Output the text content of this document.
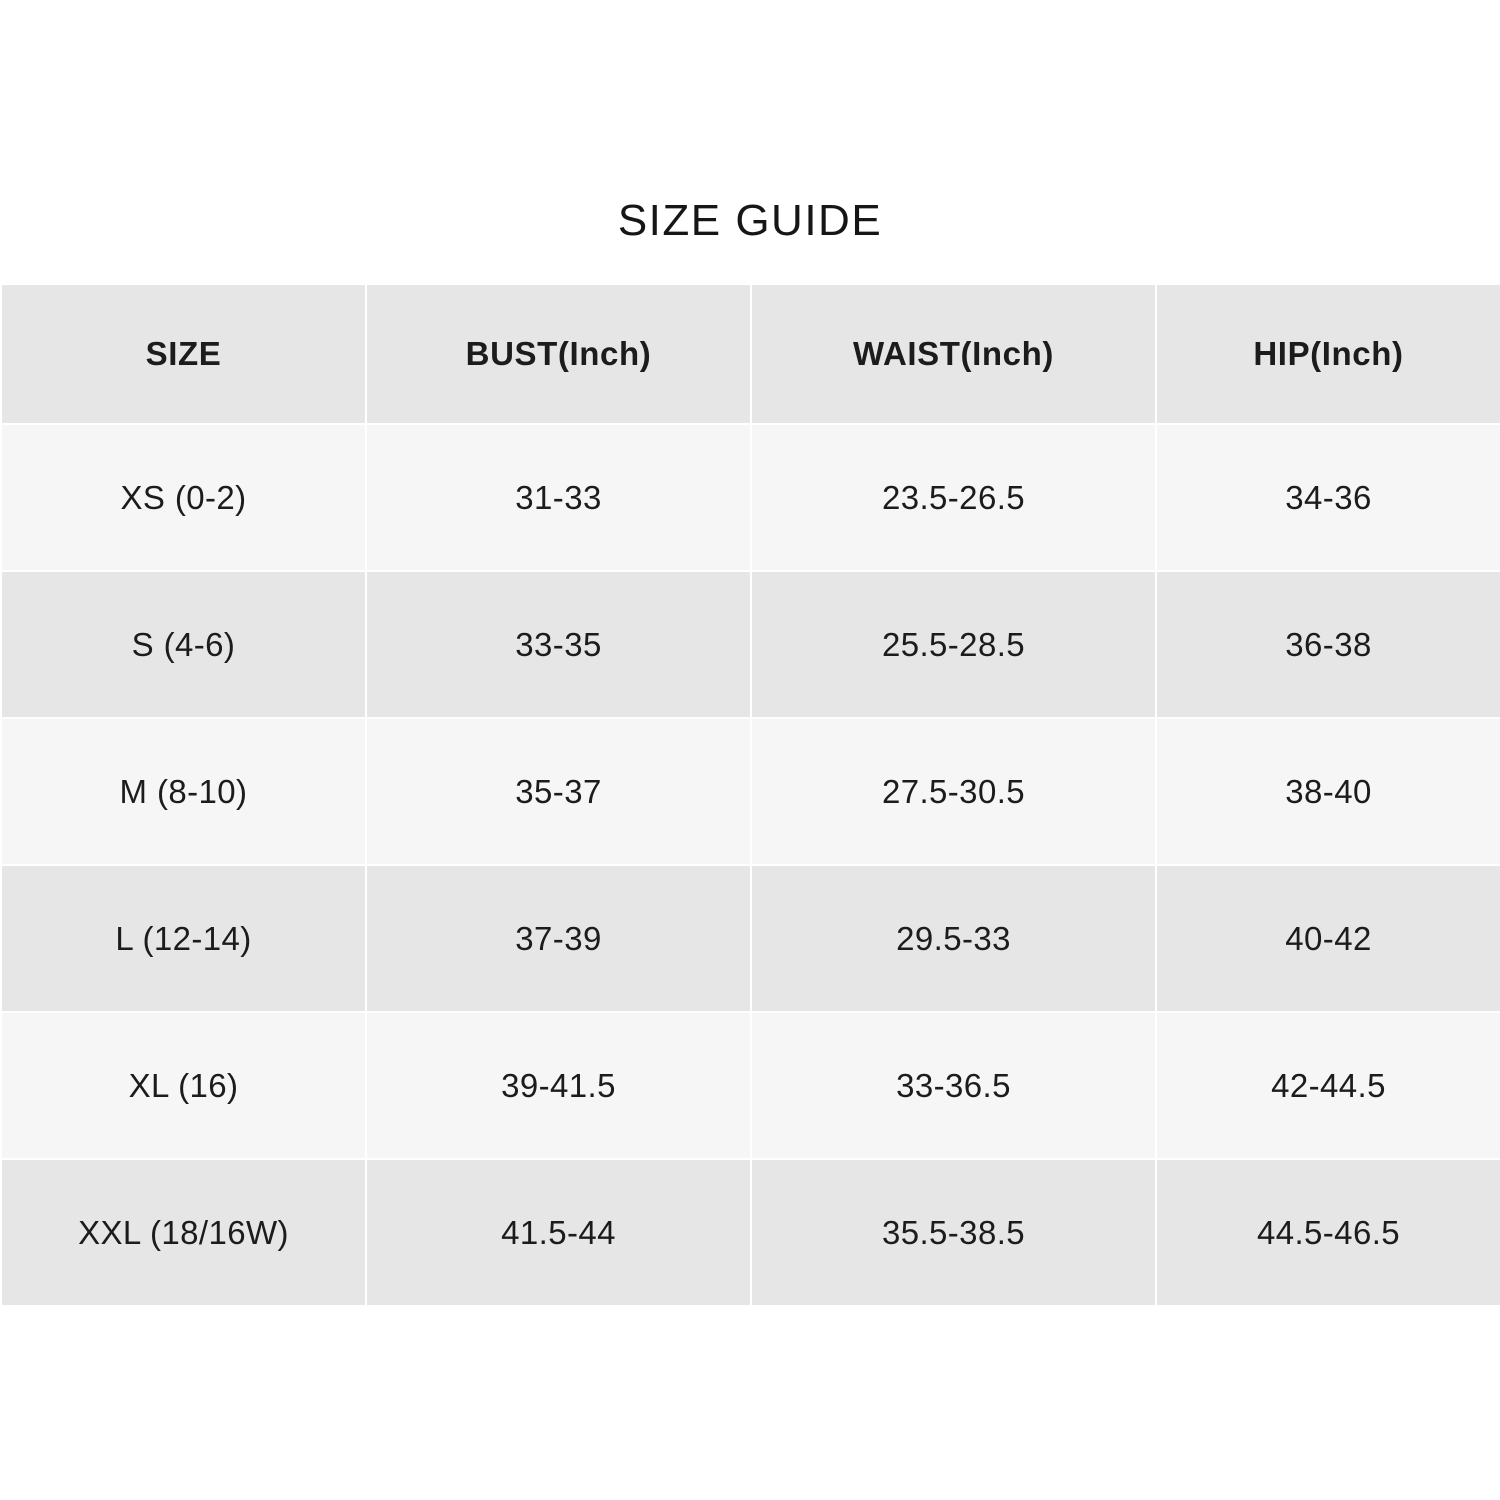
SIZE GUIDE
SIZE	BUST(Inch)	WAIST(Inch)	HIP(Inch)
XS (0-2)	31-33	23.5-26.5	34-36
S (4-6)	33-35	25.5-28.5	36-38
M (8-10)	35-37	27.5-30.5	38-40
L (12-14)	37-39	29.5-33	40-42
XL (16)	39-41.5	33-36.5	42-44.5
XXL (18/16W)	41.5-44	35.5-38.5	44.5-46.5
